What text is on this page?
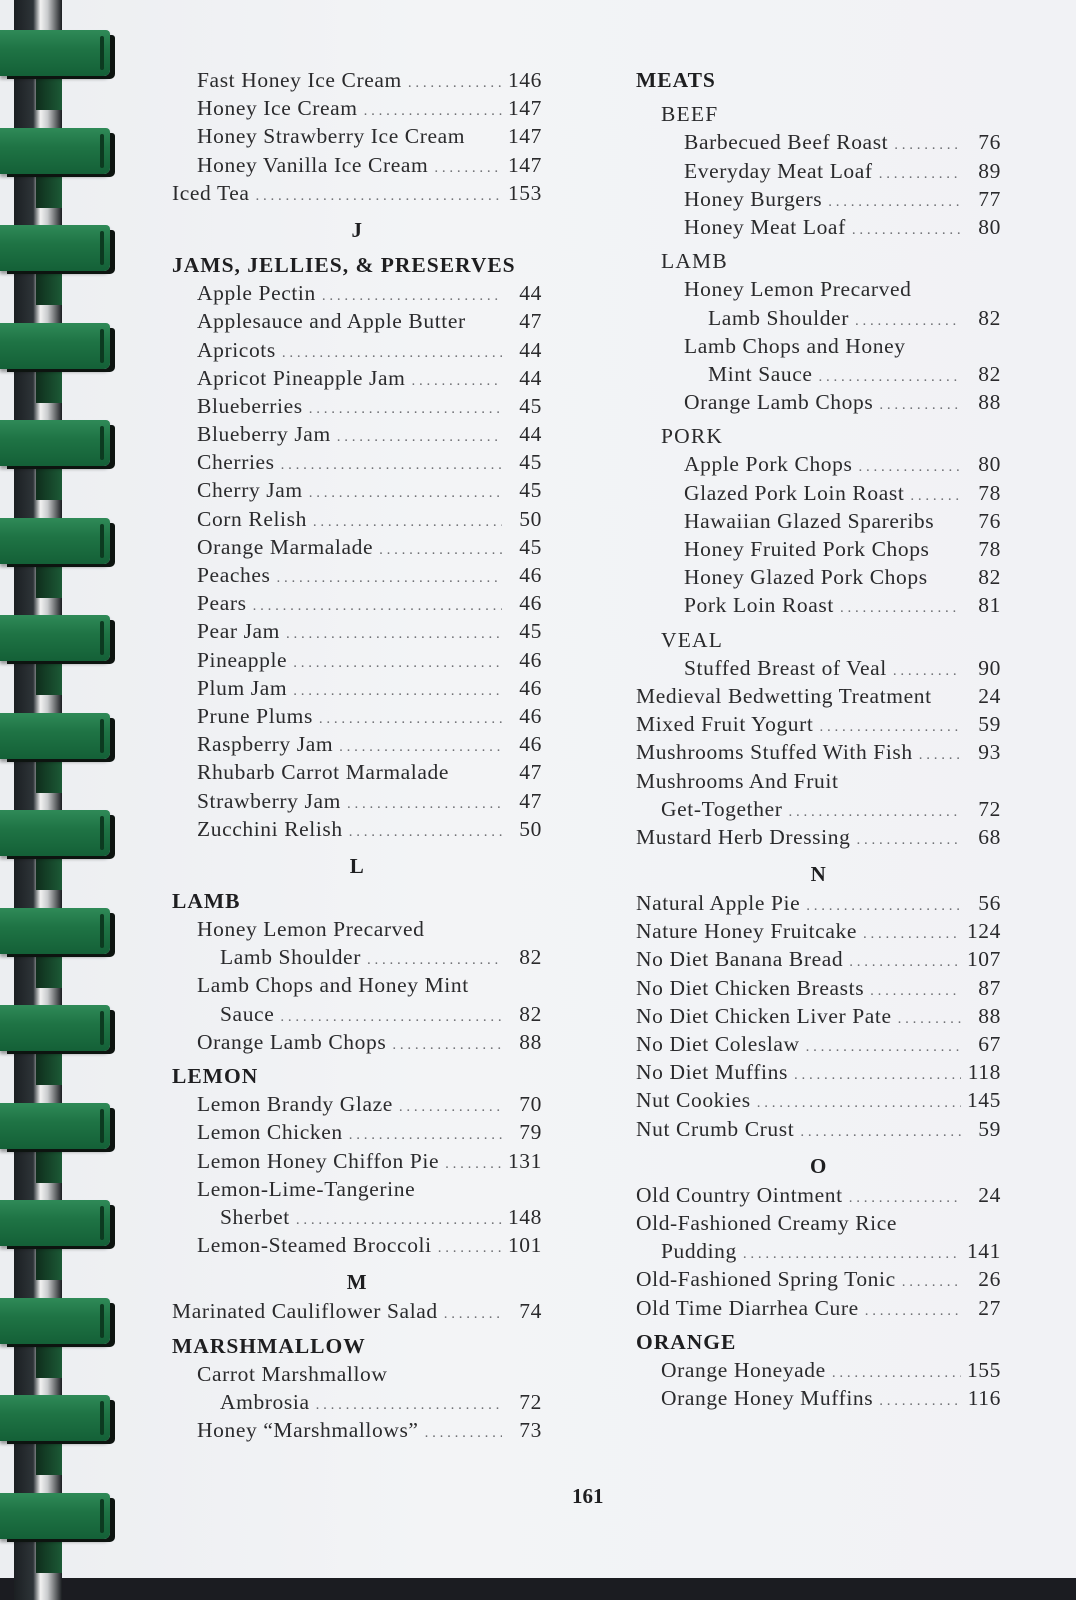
Fast Honey Ice Cream . . .	146
Honey Ice Cream . . .	147
Honey Strawberry Ice Cream 147
Honey Vanilla Ice Cream . . .	147
Iced Tea . . .	153
J
JAMS, JELLIES, & PRESERVES
Apple Pectin . . .	44
Applesauce and Apple Butter	47
Apricots . . .	44
Apricot Pineapple Jam . . .	44
Blueberries . . .	45
Blueberry Jam . . .	44
Cherries . . .	45
Cherry Jam . . .	45
Corn Relish . . .	50
Orange Marmalade . . .	45
Peaches . . .	46
Pears . . .	46
Pear Jam . . .	45
Pineapple . . .	46
Plum Jam . . .	46
Prune Plums . . .	46
Raspberry Jam . . .	46
Rhubarb Carrot Marmalade	47
Strawberry Jam . . .	47
Zucchini Relish . . .	50
L
LAMB
Honey Lemon Precarved
Lamb Shoulder . . .	82
Lamb Chops and Honey Mint
Sauce . . .	82
Orange Lamb Chops . . .	88
LEMON
Lemon Brandy Glaze . . .	70
Lemon Chicken . . .	79
Lemon Honey Chiffon Pie . . .	131
Lemon-Lime-Tangerine
Sherbet . . .	148
Lemon-Steamed Broccoli . . .	101
M
Marinated Cauliflower Salad . . .	74
MARSHMALLOW
Carrot Marshmallow
Ambrosia . . .	72
Honey “Marshmallows” . . .	73
MEATS
BEEF
Barbecued Beef Roast . . .	76
Everyday Meat Loaf . . .	89
Honey Burgers . . .	77
Honey Meat Loaf . . .	80
LAMB
Honey Lemon Precarved
Lamb Shoulder . . .	82
Lamb Chops and Honey
Mint Sauce . . .	82
Orange Lamb Chops . . .	88
PORK
Apple Pork Chops . . .	80
Glazed Pork Loin Roast . . .	78
Hawaiian Glazed Spareribs	76
Honey Fruited Pork Chops	78
Honey Glazed Pork Chops	82
Pork Loin Roast . . .	81
VEAL
Stuffed Breast of Veal . . .	90
Medieval Bedwetting Treatment	24
Mixed Fruit Yogurt . . .	59
Mushrooms Stuffed With Fish . . .	93
Mushrooms And Fruit
Get-Together . . .	72
Mustard Herb Dressing . . .	68
N
Natural Apple Pie . . .	56
Nature Honey Fruitcake . . .	124
No Diet Banana Bread . . .	107
No Diet Chicken Breasts . . .	87
No Diet Chicken Liver Pate . . .	88
No Diet Coleslaw . . .	67
No Diet Muffins . . .	118
Nut Cookies . . .	145
Nut Crumb Crust . . .	59
O
Old Country Ointment . . .	24
Old-Fashioned Creamy Rice
Pudding . . .	141
Old-Fashioned Spring Tonic . . .	26
Old Time Diarrhea Cure . . .	27
ORANGE
Orange Honeyade . . .	155
Orange Honey Muffins . . .	116
161
